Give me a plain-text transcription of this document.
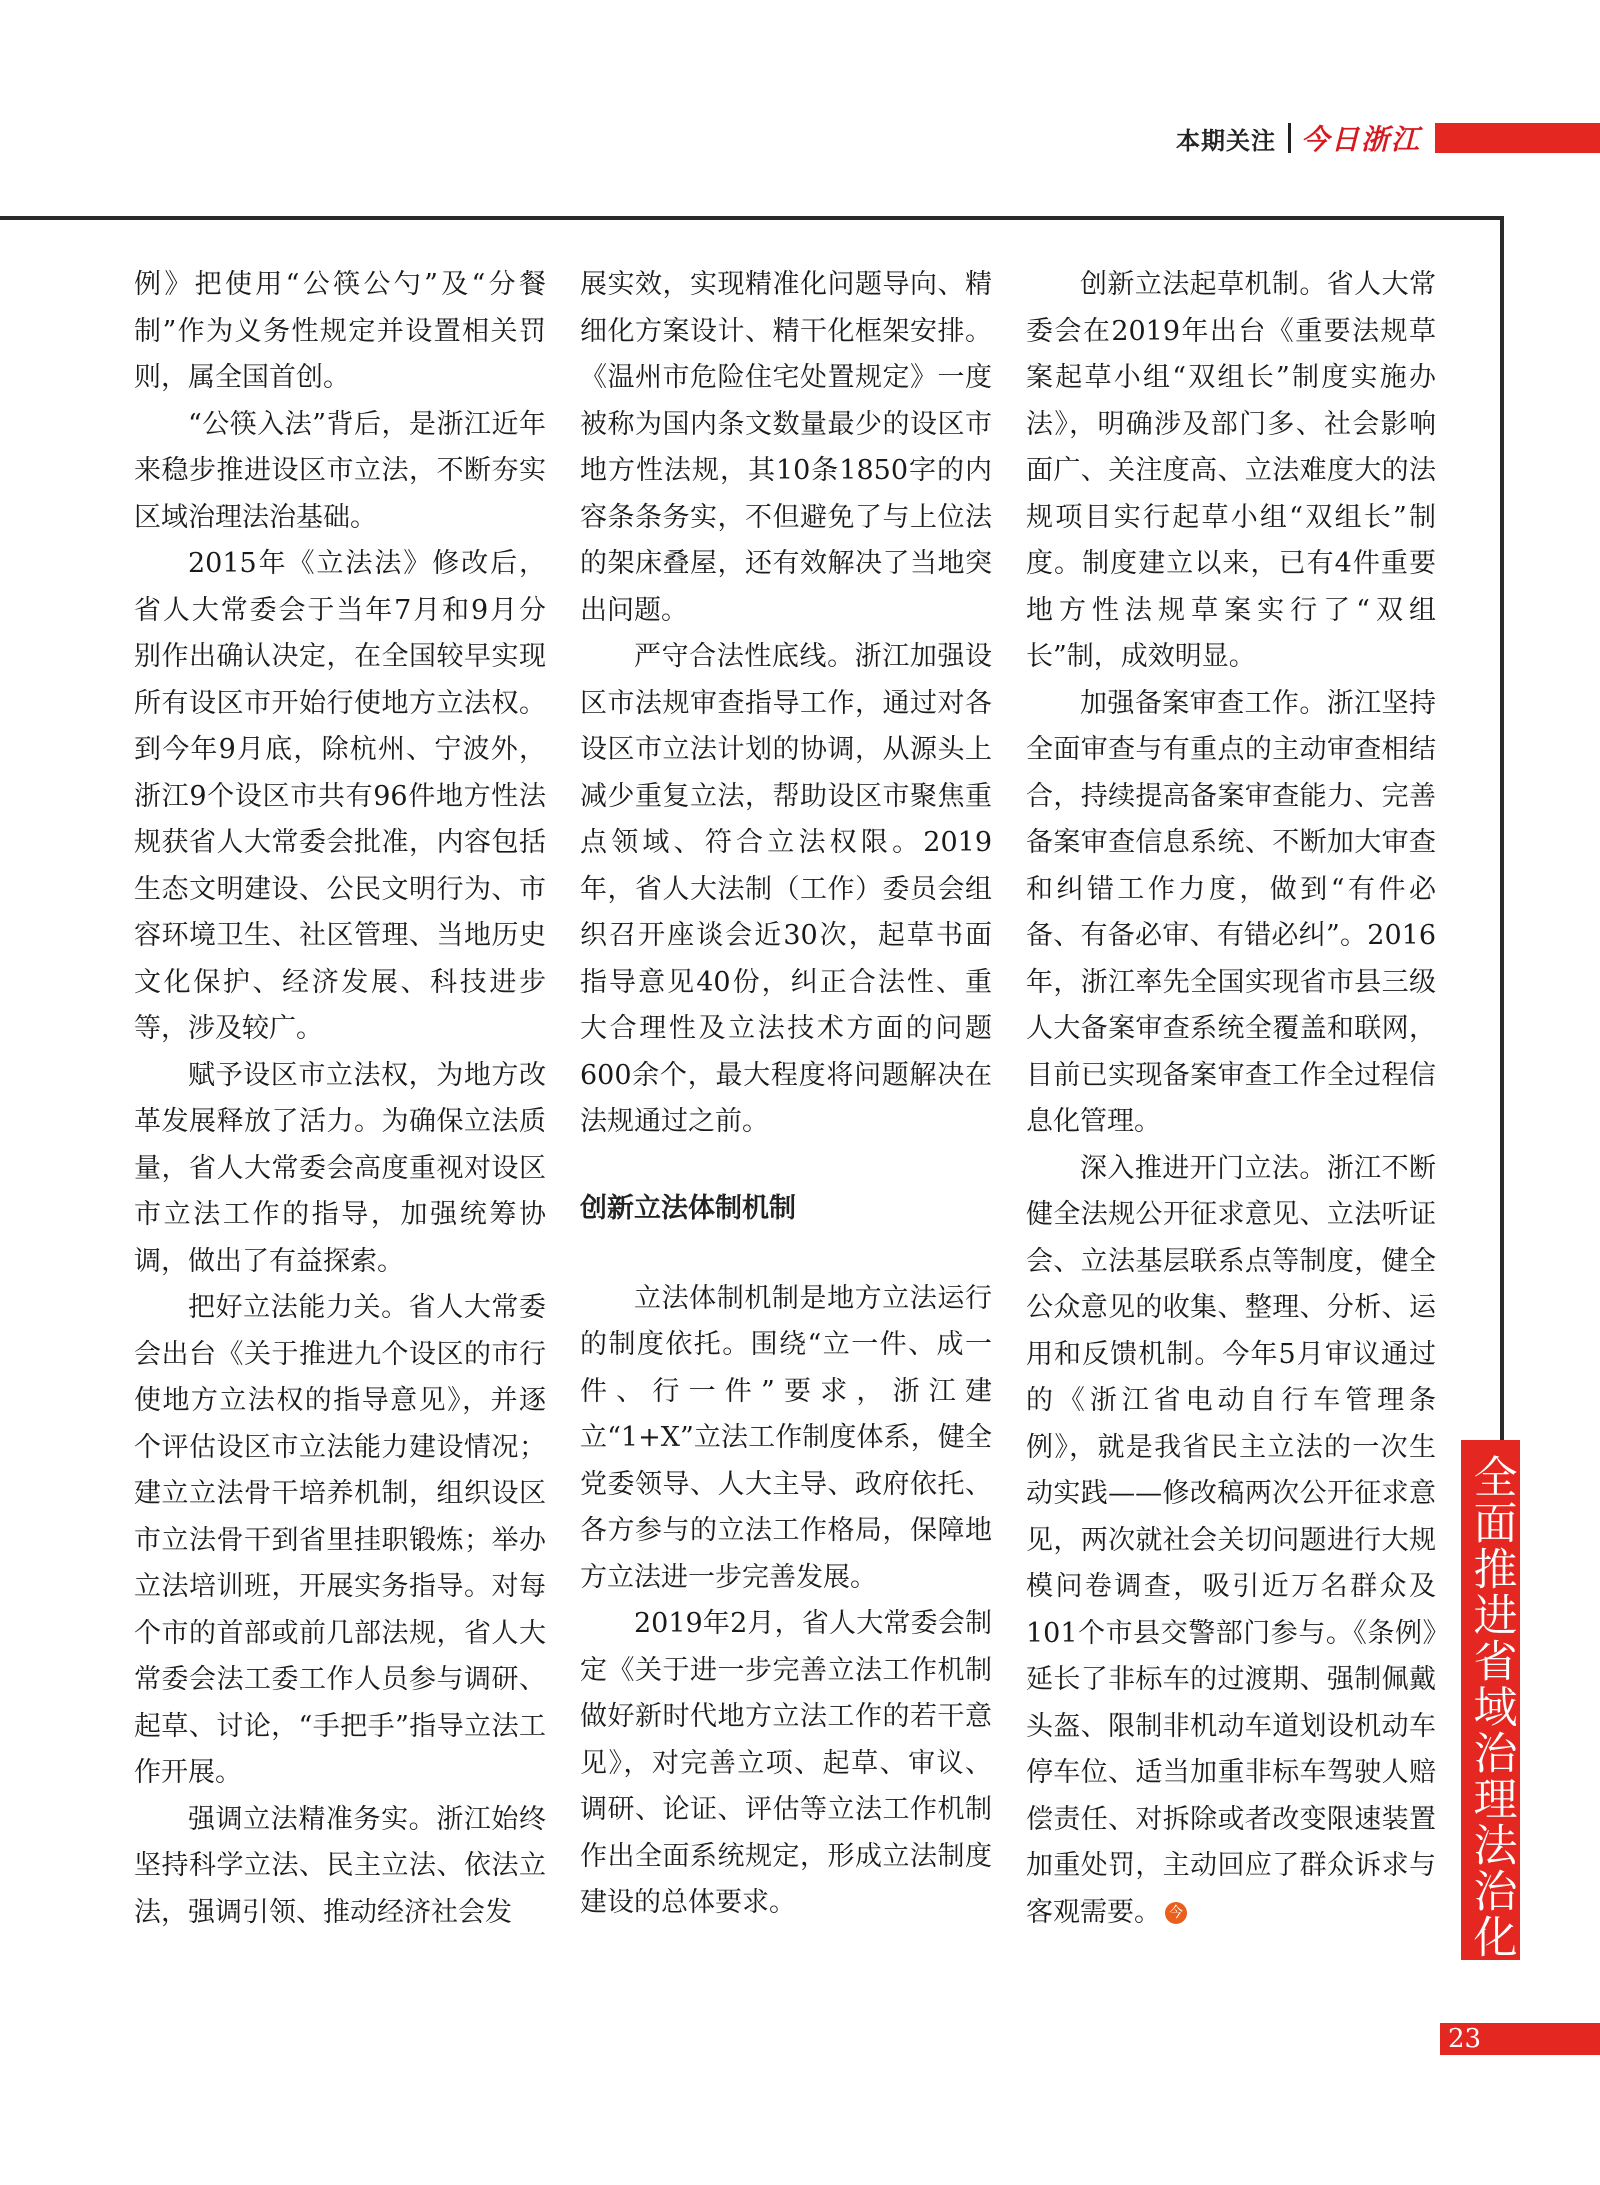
本期关注 今日浙江

例》把使用“公筷公勺”及“分餐制”作为义务性规定并设置相关罚则，属全国首创。

“公筷入法”背后，是浙江近年来稳步推进设区市立法，不断夯实区域治理法治基础。

2015年《立法法》修改后，省人大常委会于当年7月和9月分别作出确认决定，在全国较早实现所有设区市开始行使地方立法权。到今年9月底，除杭州、宁波外，浙江9个设区市共有96件地方性法规获省人大常委会批准，内容包括生态文明建设、公民文明行为、市容环境卫生、社区管理、当地历史文化保护、经济发展、科技进步等，涉及较广。

赋予设区市立法权，为地方改革发展释放了活力。为确保立法质量，省人大常委会高度重视对设区市立法工作的指导，加强统筹协调，做出了有益探索。

把好立法能力关。省人大常委会出台《关于推进九个设区的市行使地方立法权的指导意见》，并逐个评估设区市立法能力建设情况；建立立法骨干培养机制，组织设区市立法骨干到省里挂职锻炼；举办立法培训班，开展实务指导。对每个市的首部或前几部法规，省人大常委会法工委工作人员参与调研、起草、讨论，“手把手”指导立法工作开展。

强调立法精准务实。浙江始终坚持科学立法、民主立法、依法立法，强调引领、推动经济社会发

展实效，实现精准化问题导向、精细化方案设计、精干化框架安排。《温州市危险住宅处置规定》一度被称为国内条文数量最少的设区市地方性法规，其10条1850字的内容条条务实，不但避免了与上位法的架床叠屋，还有效解决了当地突出问题。

严守合法性底线。浙江加强设区市法规审查指导工作，通过对各设区市立法计划的协调，从源头上减少重复立法，帮助设区市聚焦重点领域、符合立法权限。2019年，省人大法制（工作）委员会组织召开座谈会近30次，起草书面指导意见40份，纠正合法性、重大合理性及立法技术方面的问题600余个，最大程度将问题解决在法规通过之前。

创新立法体制机制

立法体制机制是地方立法运行的制度依托。围绕“立一件、成一件、行一件”要求，浙江建立“1+X”立法工作制度体系，健全党委领导、人大主导、政府依托、各方参与的立法工作格局，保障地方立法进一步完善发展。

2019年2月，省人大常委会制定《关于进一步完善立法工作机制做好新时代地方立法工作的若干意见》，对完善立项、起草、审议、调研、论证、评估等立法工作机制作出全面系统规定，形成立法制度建设的总体要求。

创新立法起草机制。省人大常委会在2019年出台《重要法规草案起草小组“双组长”制度实施办法》，明确涉及部门多、社会影响面广、关注度高、立法难度大的法规项目实行起草小组“双组长”制度。制度建立以来，已有4件重要地方性法规草案实行了“双组长”制，成效明显。

加强备案审查工作。浙江坚持全面审查与有重点的主动审查相结合，持续提高备案审查能力、完善备案审查信息系统、不断加大审查和纠错工作力度，做到“有件必备、有备必审、有错必纠”。2016年，浙江率先全国实现省市县三级人大备案审查系统全覆盖和联网，目前已实现备案审查工作全过程信息化管理。

深入推进开门立法。浙江不断健全法规公开征求意见、立法听证会、立法基层联系点等制度，健全公众意见的收集、整理、分析、运用和反馈机制。今年5月审议通过的《浙江省电动自行车管理条例》，就是我省民主立法的一次生动实践——修改稿两次公开征求意见，两次就社会关切问题进行大规模问卷调查，吸引近万名群众及101个市县交警部门参与。《条例》延长了非标车的过渡期、强制佩戴头盔、限制非机动车道划设机动车停车位、适当加重非标车驾驶人赔偿责任、对拆除或者改变限速装置加重处罚，主动回应了群众诉求与客观需要。 今	全面推进省域治理法治化
23
